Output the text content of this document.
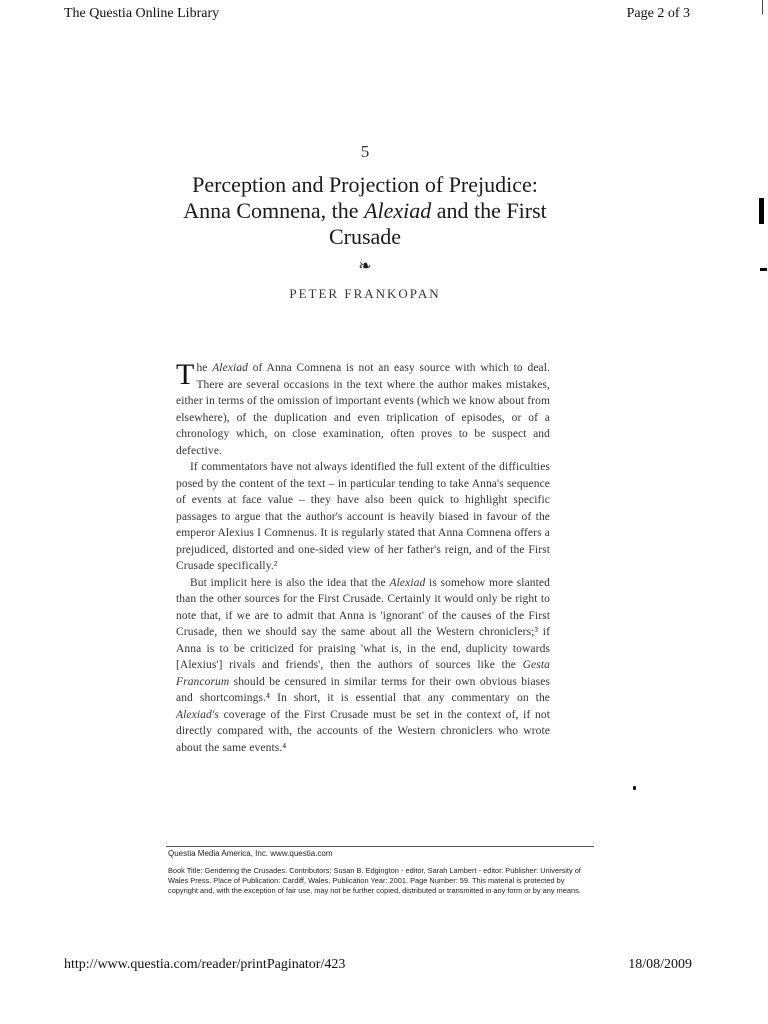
The Questia Online Library	Page 2 of 3
5
Perception and Projection of Prejudice:
Anna Comnena, the Alexiad and the First
Crusade
❧
PETER FRANKOPAN

The Alexiad of Anna Comnena is not an easy source with which to deal. There are several occasions in the text where the author makes mistakes, either in terms of the omission of important events (which we know about from elsewhere), of the duplication and even triplication of episodes, or of a chronology which, on close examination, often proves to be suspect and defective.

If commentators have not always identified the full extent of the difficulties posed by the content of the text – in particular tending to take Anna's sequence of events at face value – they have also been quick to highlight specific passages to argue that the author's account is heavily biased in favour of the emperor Alexius I Comnenus. It is regularly stated that Anna Comnena offers a prejudiced, distorted and one-sided view of her father's reign, and of the First Crusade specifically.²

But implicit here is also the idea that the Alexiad is somehow more slanted than the other sources for the First Crusade. Certainly it would only be right to note that, if we are to admit that Anna is 'ignorant' of the causes of the First Crusade, then we should say the same about all the Western chroniclers;³ if Anna is to be criticized for praising 'what is, in the end, duplicity towards [Alexius'] rivals and friends', then the authors of sources like the Gesta Francorum should be censured in similar terms for their own obvious biases and shortcomings.⁴ In short, it is essential that any commentary on the Alexiad's coverage of the First Crusade must be set in the context of, if not directly compared with, the accounts of the Western chroniclers who wrote about the same events.⁴

Questia Media America, Inc. www.questia.com
Book Title: Gendering the Crusades. Contributors: Susan B. Edgington - editor, Sarah Lambert - editor. Publisher: University of Wales Press. Place of Publication: Cardiff, Wales. Publication Year: 2001. Page Number: 59. This material is protected by copyright and, with the exception of fair use, may not be further copied, distributed or transmitted in any form or by any means.
http://www.questia.com/reader/printPaginator/423	18/08/2009
